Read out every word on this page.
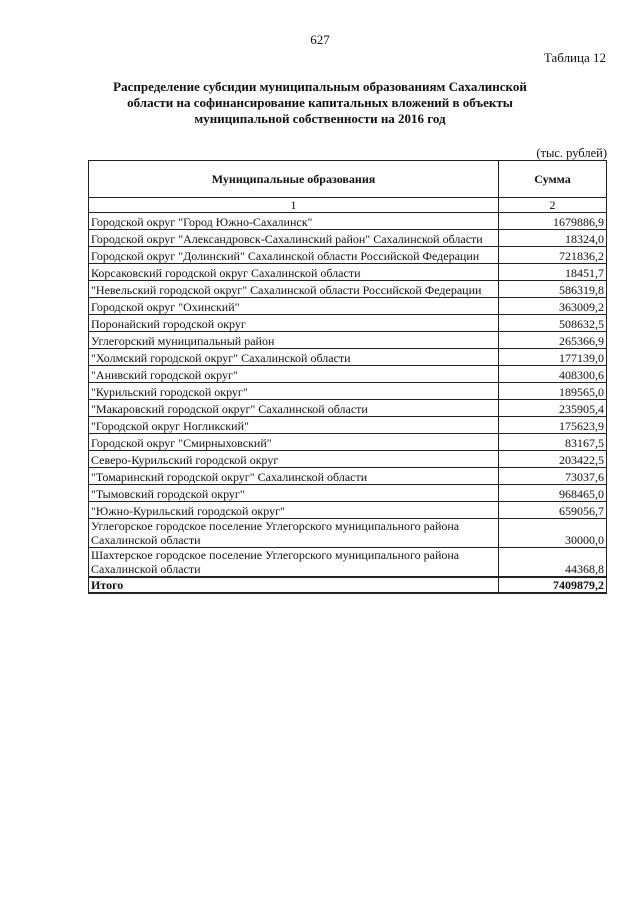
627
Таблица 12
Распределение субсидии муниципальным образованиям Сахалинской области на софинансирование капитальных вложений в объекты муниципальной собственности на 2016 год
(тыс. рублей)
Муниципальные образования	Сумма
1	2
Городской округ "Город Южно-Сахалинск"	1679886,9
Городской округ "Александровск-Сахалинский район" Сахалинской области	18324,0
Городской округ "Долинский" Сахалинской области Российской Федерации	721836,2
Корсаковский городской округ Сахалинской области	18451,7
"Невельский городской округ" Сахалинской области Российской Федерации	586319,8
Городской округ "Охинский"	363009,2
Поронайский городской округ	508632,5
Углегорский муниципальный район	265366,9
"Холмский городской округ" Сахалинской области	177139,0
"Анивский городской округ"	408300,6
"Курильский городской округ"	189565,0
"Макаровский городской округ" Сахалинской области	235905,4
"Городской округ Ногликский"	175623,9
Городской округ "Смирныховский"	83167,5
Северо-Курильский городской округ	203422,5
"Томаринский городской округ" Сахалинской области	73037,6
"Тымовский городской округ"	968465,0
"Южно-Курильский городской округ"	659056,7
Углегорское городское поселение Углегорского муниципального района Сахалинской области	30000,0
Шахтерское городское поселение Углегорского муниципального района Сахалинской области	44368,8
Итого	7409879,2
